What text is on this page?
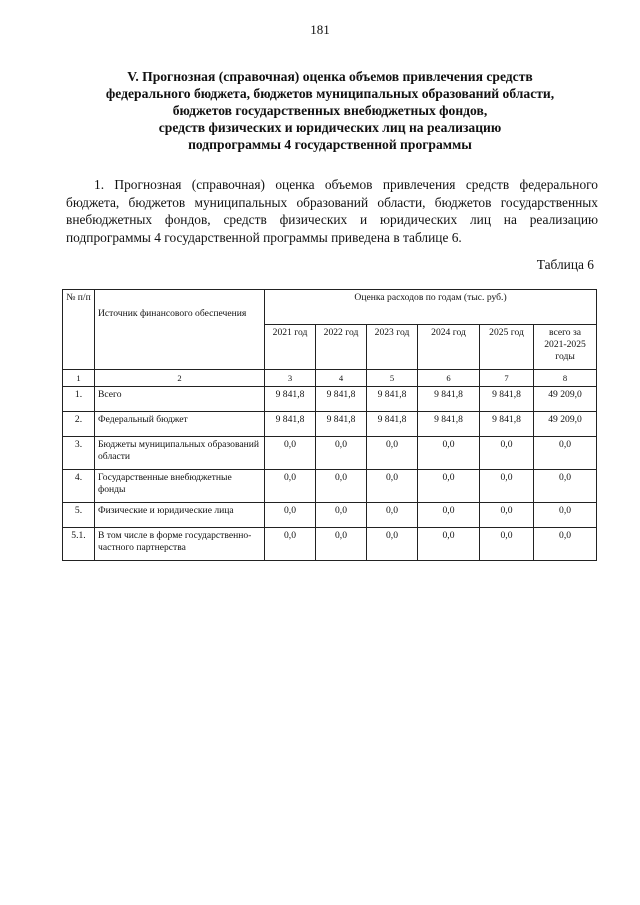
181
V. Прогнозная (справочная) оценка объемов привлечения средств
федерального бюджета, бюджетов муниципальных образований области,
бюджетов государственных внебюджетных фондов,
средств физических и юридических лиц на реализацию
подпрограммы 4 государственной программы

1. Прогнозная (справочная) оценка объемов привлечения средств федерального бюджета, бюджетов муниципальных образований области, бюджетов государственных внебюджетных фондов, средств физических и юридических лиц на реализацию подпрограммы 4 государственной программы приведена в таблице 6.

Таблица 6
№ п/п	Источник финансового обеспечения	Оценка расходов по годам (тыс. руб.)					
		2021 год	2022 год	2023 год	2024 год	2025 год	всего за 2021-2025 годы
1	2	3	4	5	6	7	8
1.	Всего	9 841,8	9 841,8	9 841,8	9 841,8	9 841,8	49 209,0
2.	Федеральный бюджет	9 841,8	9 841,8	9 841,8	9 841,8	9 841,8	49 209,0
3.	Бюджеты муниципальных образований области	0,0	0,0	0,0	0,0	0,0	0,0
4.	Государственные внебюджетные фонды	0,0	0,0	0,0	0,0	0,0	0,0
5.	Физические и юридические лица	0,0	0,0	0,0	0,0	0,0	0,0
5.1.	В том числе в форме государственно-частного партнерства	0,0	0,0	0,0	0,0	0,0	0,0
